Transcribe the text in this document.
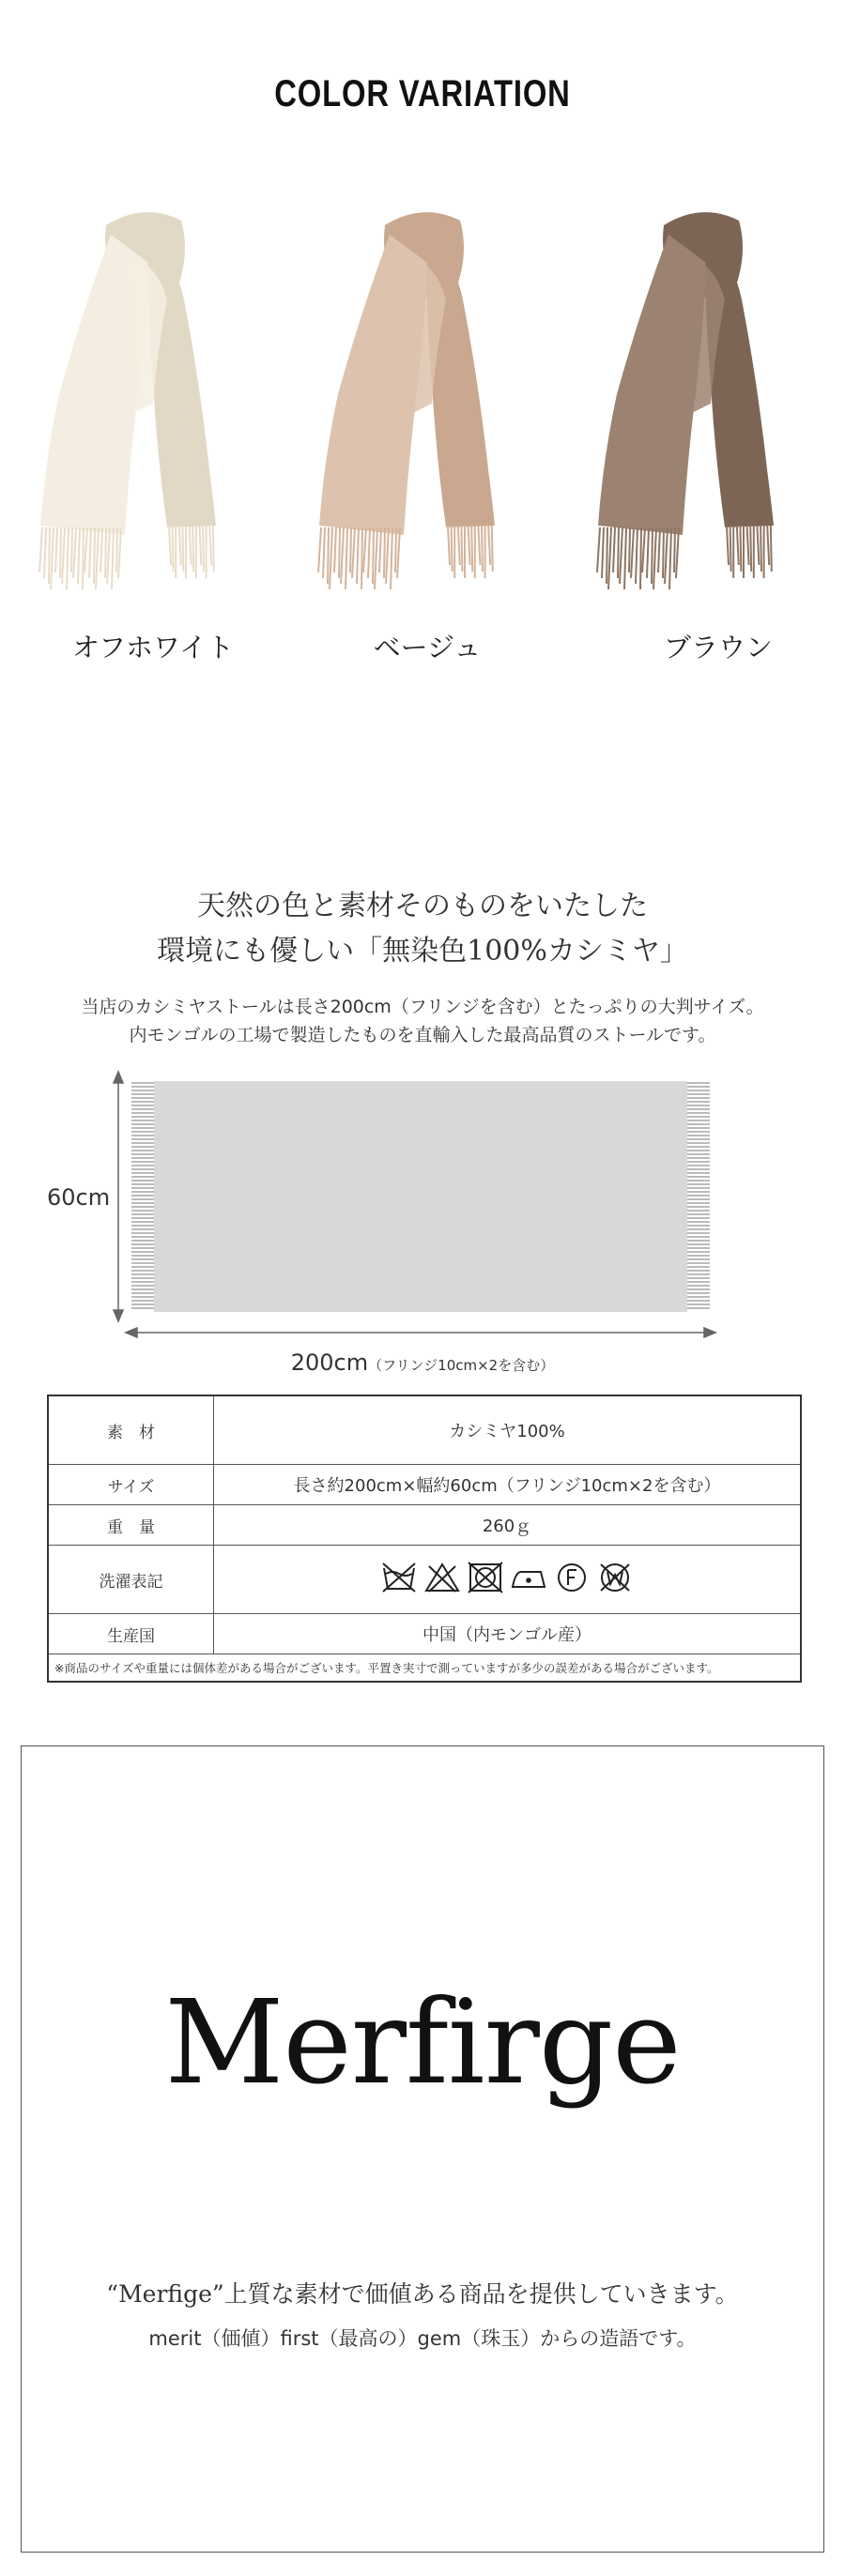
COLOR VARIATION
オフホワイト	ベージュ	ブラウン
天然の色と素材そのものをいたした
環境にも優しい「無染色100%カシミヤ」
当店のカシミヤストールは長さ200cm（フリンジを含む）とたっぷりの大判サイズ。
内モンゴルの工場で製造したものを直輸入した最高品質のストールです。
60cm
200cm（フリンジ10cm×2を含む）
素　材	カシミヤ100%
サイズ	長さ約200cm×幅約60cm（フリンジ10cm×2を含む）
重　量	260ｇ
洗濯表記	

生産国	中国（内モンゴル産）
※商品のサイズや重量には個体差がある場合がございます。平置き実寸で測っていますが多少の誤差がある場合がございます。	
Merfirge
“Merfige”上質な素材で価値ある商品を提供していきます。
merit（価値）first（最高の）gem（珠玉）からの造語です。
